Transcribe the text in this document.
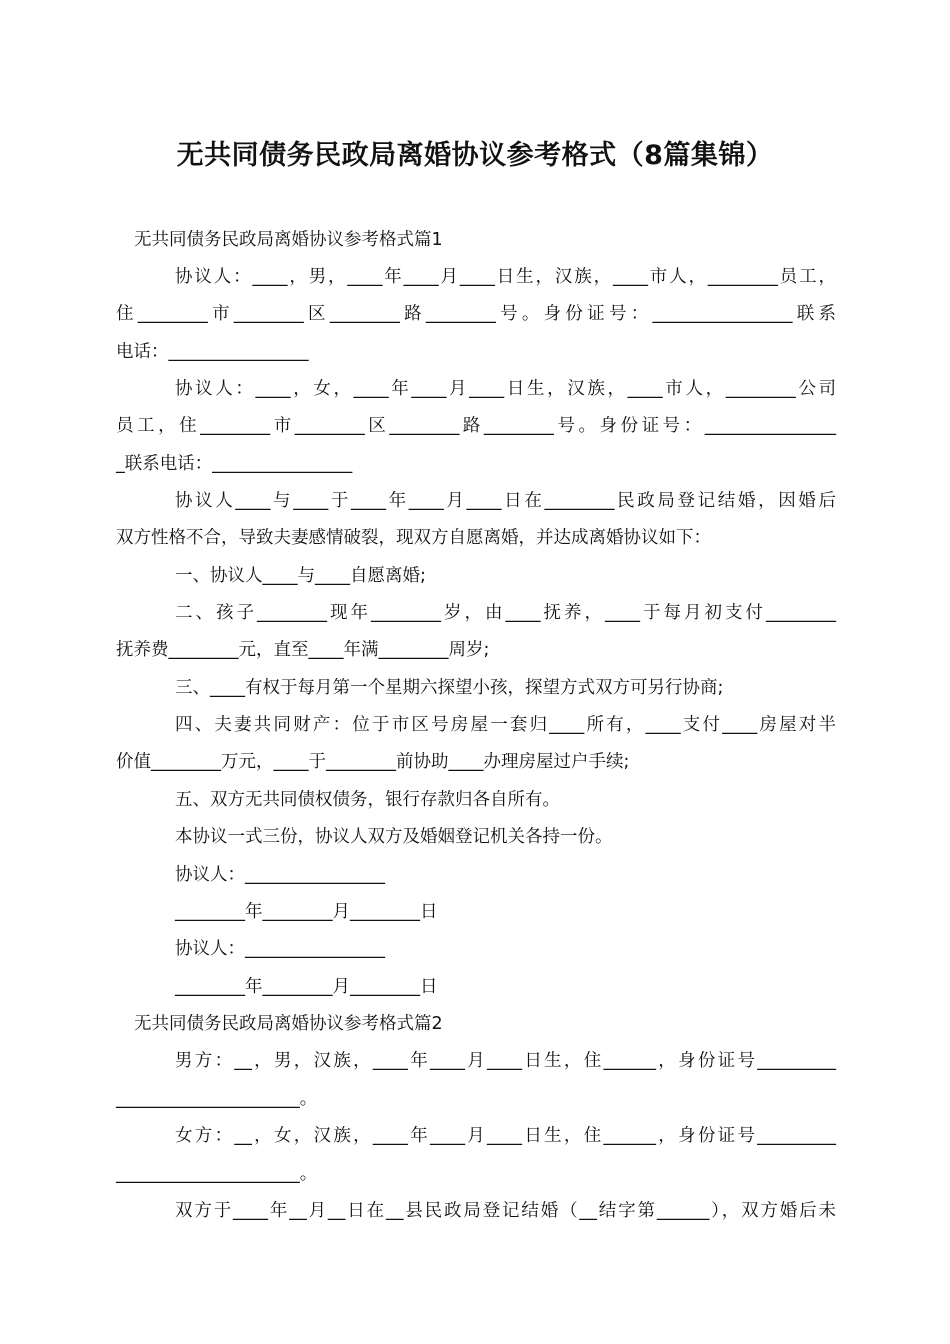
无共同债务民政局离婚协议参考格式（8篇集锦）
无共同债务民政局离婚协议参考格式篇1
协议人：____，男，____年____月____日生，汉族，____市人，________员工，
住________市________区________路________号。身份证号：________________联系
电话：________________
协议人：____，女，____年____月____日生，汉族，____市人，________公司
员工，住________市________区________路________号。身份证号：_______________
_联系电话：________________
协议人____与____于____年____月____日在________民政局登记结婚，因婚后
双方性格不合，导致夫妻感情破裂，现双方自愿离婚，并达成离婚协议如下：
一、协议人____与____自愿离婚;
二、孩子________现年________岁，由____抚养，____于每月初支付________
抚养费________元，直至____年满________周岁;
三、____有权于每月第一个星期六探望小孩，探望方式双方可另行协商;
四、夫妻共同财产：位于市区号房屋一套归____所有，____支付____房屋对半
价值________万元，____于________前协助____办理房屋过户手续;
五、双方无共同债权债务，银行存款归各自所有。
本协议一式三份，协议人双方及婚姻登记机关各持一份。
协议人：________________
________年________月________日
协议人：________________
________年________月________日
无共同债务民政局离婚协议参考格式篇2
男方：__，男，汉族，____年____月____日生，住______，身份证号_________
_____________________。
女方：__，女，汉族，____年____月____日生，住______，身份证号_________
_____________________。
双方于____年__月__日在__县民政局登记结婚（__结字第______），双方婚后未
